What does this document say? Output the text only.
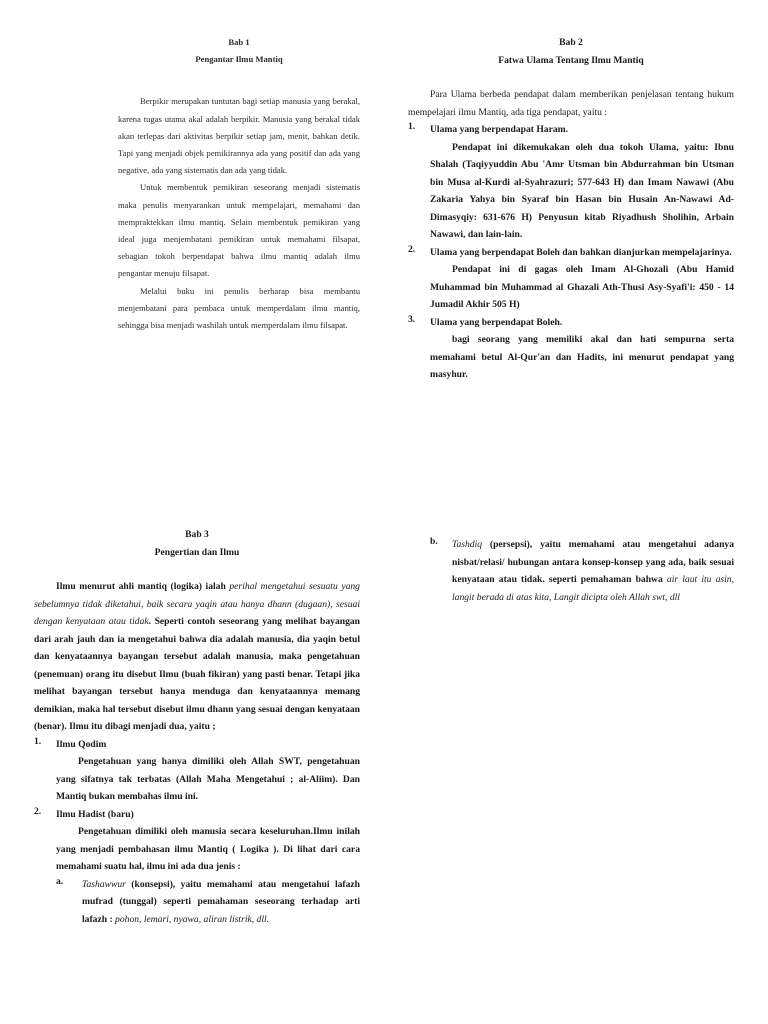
Bab 1

Pengantar Ilmu Mantiq

Berpikir merupakan tuntutan bagi setiap manusia yang berakal, karena tugas utama akal adalah berpikir. Manusia yang berakal tidak akan terlepas dari aktivitas berpikir setiap jam, menit, bahkan detik. Tapi yang menjadi objek pemikirannya ada yang positif dan ada yang negative, ada yang sistematis dan ada yang tidak.

Untuk membentuk pemikiran seseorang menjadi sistematis maka penulis menyarankan untuk mempelajari, memahami dan mempraktekkan ilmu mantiq. Selain membentuk pemikiran yang ideal juga menjembatani pemikiran untuk memahami filsapat, sebagian tokoh berpendapat bahwa ilmu mantiq adalah ilmu pengantar menuju filsapat.

Melalui buku ini penulis berharap bisa membantu menjembatani para pembaca untuk memperdalam ilmu mantiq, sehingga bisa menjadi washilah untuk memperdalam ilmu filsapat.

Bab 2

Fatwa Ulama Tentang Ilmu Mantiq

Para Ulama berbeda pendapat dalam memberikan penjelasan tentang hukum mempelajari ilmu Mantiq, ada tiga pendapat, yaitu :

1. Ulama yang berpendapat Haram.

Pendapat ini dikemukakan oleh dua tokoh Ulama, yaitu: Ibnu Shalah (Taqiyyuddin Abu 'Amr Utsman bin Abdurrahman bin Utsman bin Musa al-Kurdi al-Syahrazuri; 577-643 H) dan Imam Nawawi (Abu Zakaria Yahya bin Syaraf bin Hasan bin Husain An-Nawawi Ad-Dimasyqiy: 631-676 H) Penyusun kitab Riyadhush Sholihin, Arbain Nawawi, dan lain-lain.

2. Ulama yang berpendapat Boleh dan bahkan dianjurkan mempelajarinya.

Pendapat ini di gagas oleh Imam Al-Ghozali (Abu Hamid Muhammad bin Muhammad al Ghazali Ath-Thusi Asy-Syafi'i: 450 - 14 Jumadil Akhir 505 H)

3. Ulama yang berpendapat Boleh.

bagi seorang yang memiliki akal dan hati sempurna serta memahami betul Al-Qur'an dan Hadits, ini menurut pendapat yang masyhur.

Bab 3

Pengertian dan Ilmu

Ilmu menurut ahli mantiq (logika) ialah perihal mengetahui sesuatu yang sebelumnya tidak diketahui, baik secara yaqin atau hanya dhann (dugaan), sesuai dengan kenyataan atau tidak. Seperti contoh seseorang yang melihat bayangan dari arah jauh dan ia mengetahui bahwa dia adalah manusia, dia yaqin betul dan kenyataannya bayangan tersebut adalah manusia, maka pengetahuan (penemuan) orang itu disebut Ilmu (buah fikiran) yang pasti benar. Tetapi jika melihat bayangan tersebut hanya menduga dan kenyataannya memang demikian, maka hal tersebut disebut ilmu dhann yang sesuai dengan kenyataan (benar). Ilmu itu dibagi menjadi dua, yaitu ;

1. Ilmu Qodim

Pengetahuan yang hanya dimiliki oleh Allah SWT, pengetahuan yang sifatnya tak terbatas (Allah Maha Mengetahui ; al-Aliim). Dan Mantiq bukan membahas ilmu ini.

2. Ilmu Hadist (baru)

Pengetahuan dimiliki oleh manusia secara keseluruhan.Ilmu inilah yang menjadi pembahasan ilmu Mantiq ( Logika ). Di lihat dari cara memahami suatu hal, ilmu ini ada dua jenis :

a. Tashawwur (konsepsi), yaitu memahami atau mengetahui lafazh mufrad (tunggal) seperti pemahaman seseorang terhadap arti lafazh : pohon, lemari, nyawa, aliran listrik, dll.

b. Tashdiq (persepsi), yaitu memahami atau mengetahui adanya nisbat/relasi/ hubungan antara konsep-konsep yang ada, baik sesuai kenyataan atau tidak. seperti pemahaman bahwa air laut itu asin, langit berada di atas kita, Langit dicipta oleh Allah swt, dll
